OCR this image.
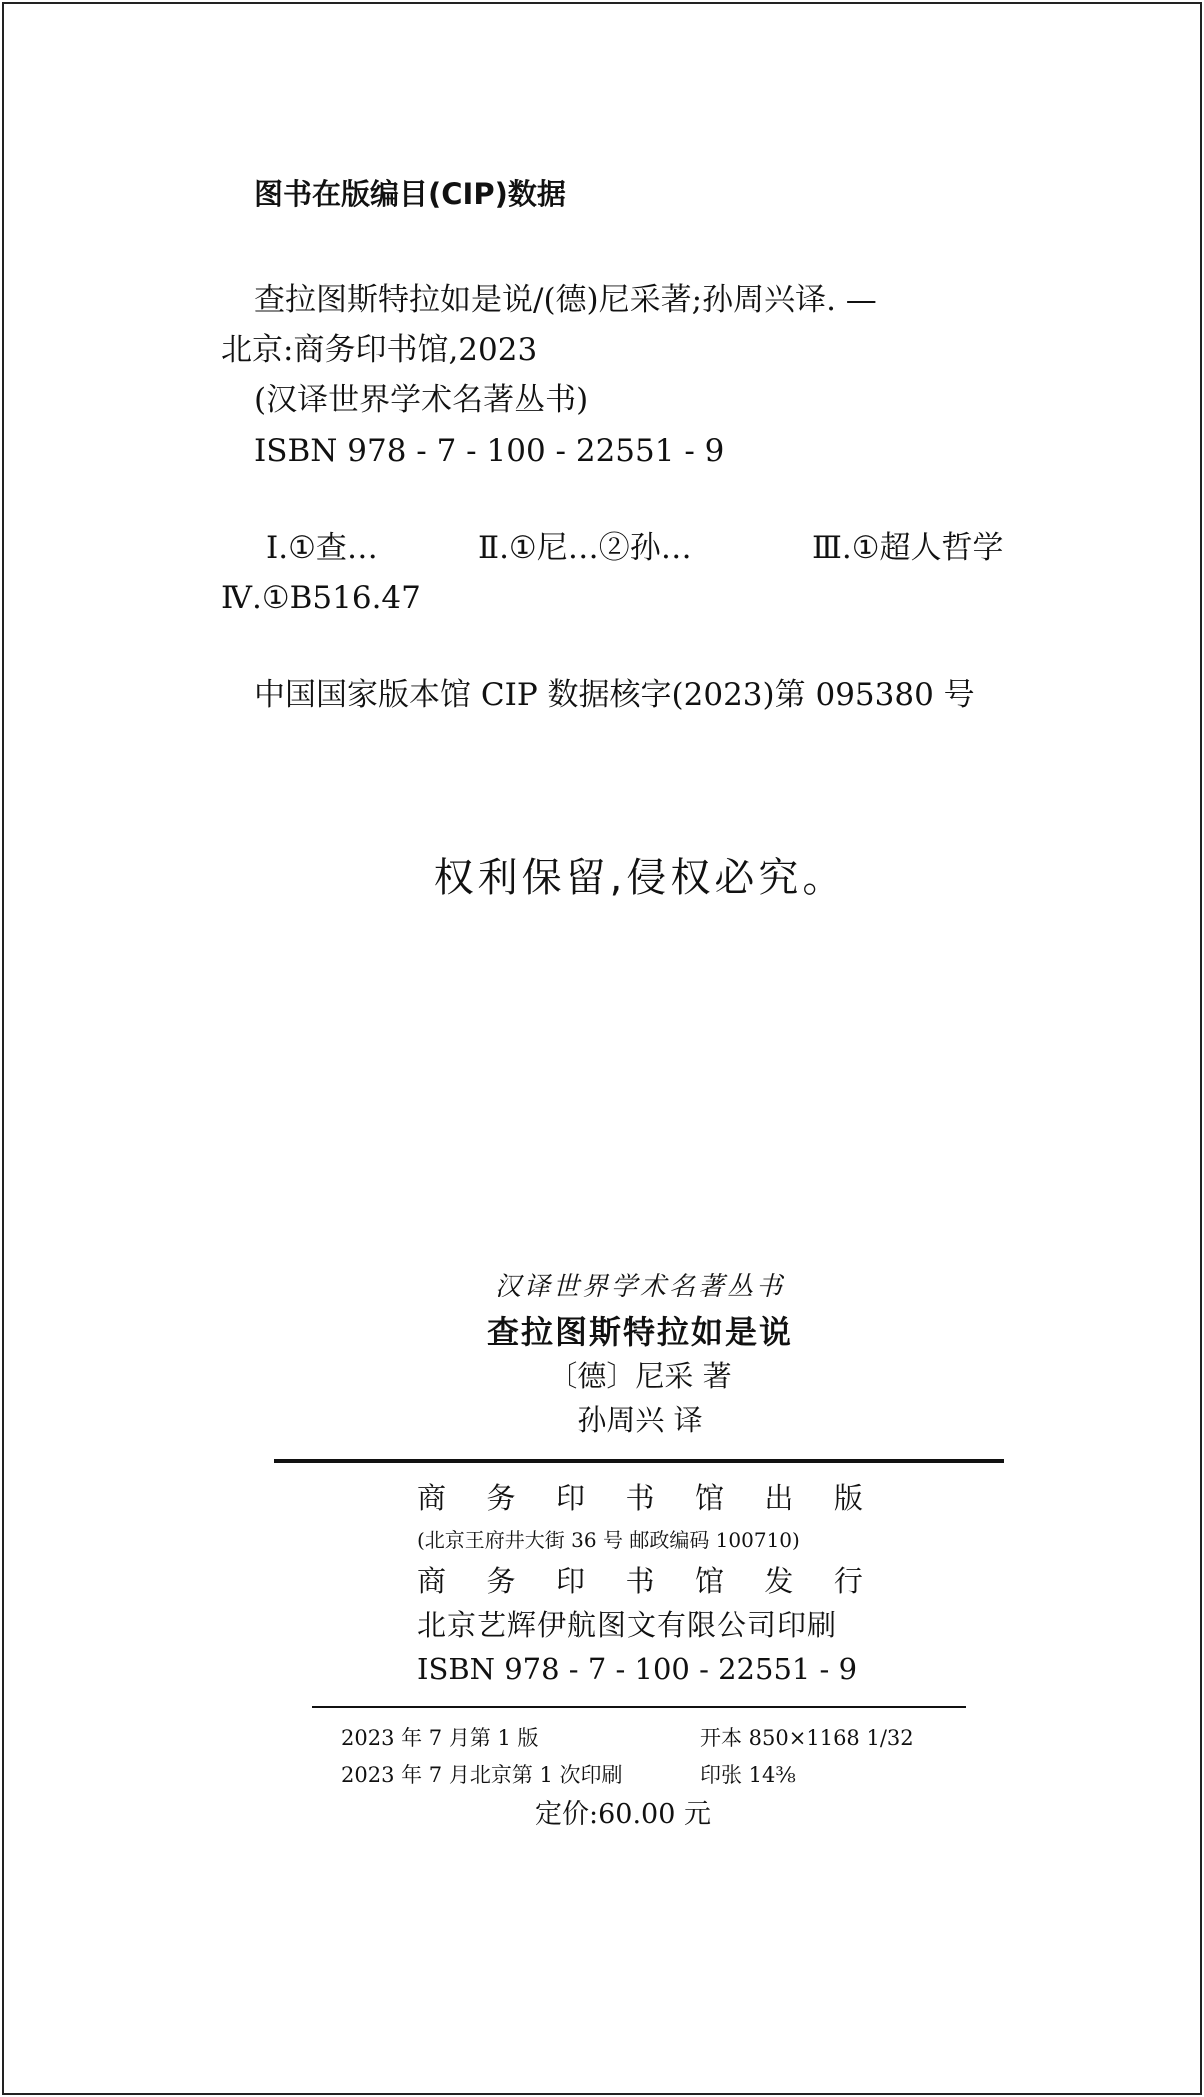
图书在版编目(CIP)数据
查拉图斯特拉如是说/(德)尼采著;孙周兴译. —
北京:商务印书馆,2023
(汉译世界学术名著丛书)
ISBN 978 - 7 - 100 - 22551 - 9
Ⅰ.①查…	Ⅱ.①尼…②孙…	Ⅲ.①超人哲学
Ⅳ.①B516.47
中国国家版本馆 CIP 数据核字(2023)第 095380 号
权利保留,侵权必究。
汉译世界学术名著丛书
查拉图斯特拉如是说
〔德〕尼采 著
孙周兴 译
商 务 印 书 馆 出 版
(北京王府井大街 36 号 邮政编码 100710)
商 务 印 书 馆 发 行
北京艺辉伊航图文有限公司印刷
ISBN 978 - 7 - 100 - 22551 - 9
2023 年 7 月第 1 版	开本 850×1168 1/32
2023 年 7 月北京第 1 次印刷	印张 14⅜
定价:60.00 元
